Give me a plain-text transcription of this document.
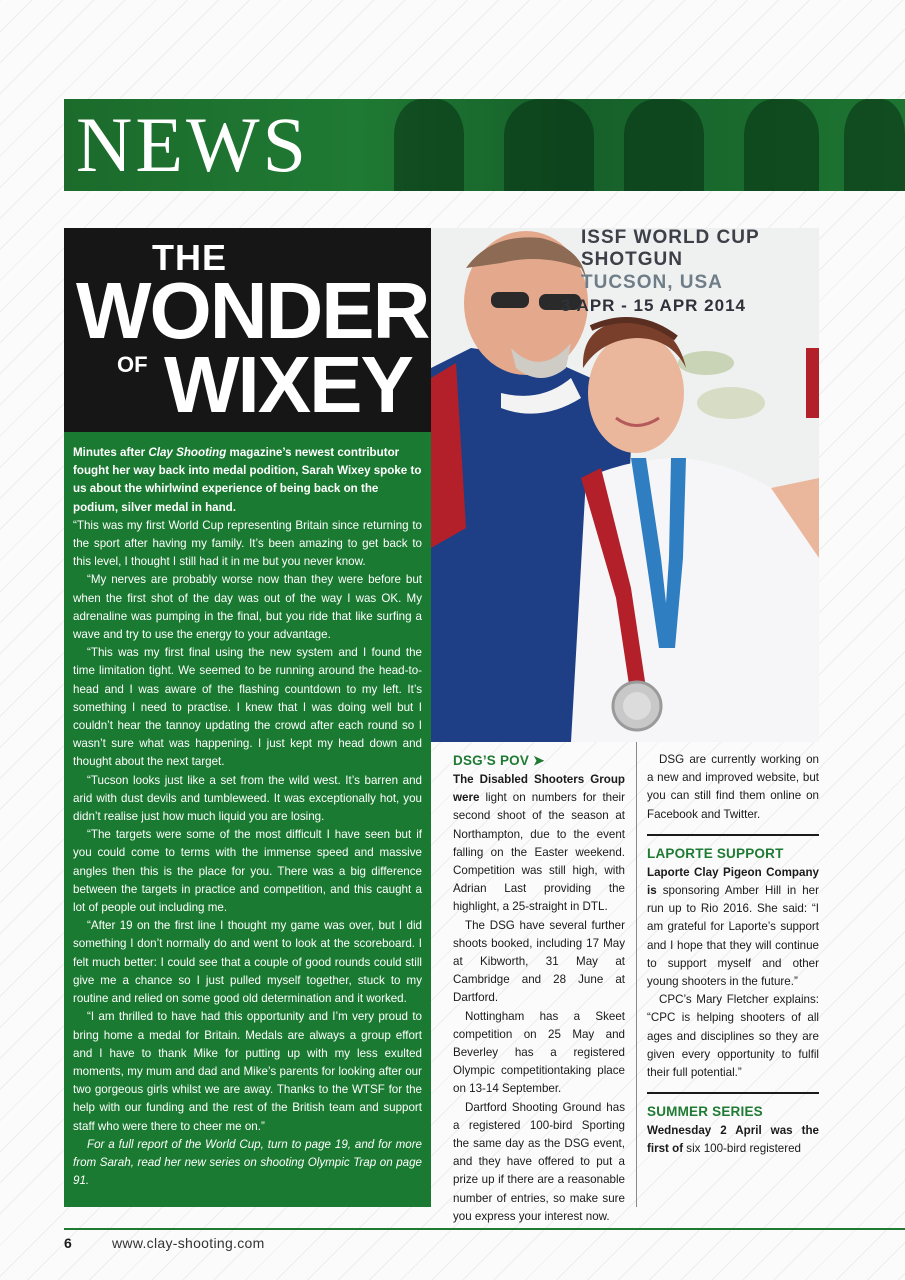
NEWS
THE
WONDER
OF WIXEY

Minutes after Clay Shooting magazine’s newest contributor fought her way back into medal podition, Sarah Wixey spoke to us about the whirlwind experience of being back on the podium, silver medal in hand.

“This was my first World Cup representing Britain since returning to the sport after having my family. It’s been amazing to get back to this level, I thought I still had it in me but you never know.

“My nerves are probably worse now than they were before but when the first shot of the day was out of the way I was OK. My adrenaline was pumping in the final, but you ride that like surfing a wave and try to use the energy to your advantage.

“This was my first final using the new system and I found the time limitation tight. We seemed to be running around the head-to-head and I was aware of the flashing countdown to my left. It’s something I need to practise. I knew that I was doing well but I couldn’t hear the tannoy updating the crowd after each round so I wasn’t sure what was happening. I just kept my head down and thought about the next target.

“Tucson looks just like a set from the wild west. It’s barren and arid with dust devils and tumbleweed. It was exceptionally hot, you didn’t realise just how much liquid you are losing.

“The targets were some of the most difficult I have seen but if you could come to terms with the immense speed and massive angles then this is the place for you. There was a big difference between the targets in practice and competition, and this caught a lot of people out including me.

“After 19 on the first line I thought my game was over, but I did something I don’t normally do and went to look at the scoreboard. I felt much better: I could see that a couple of good rounds could still give me a chance so I just pulled myself together, stuck to my routine and relied on some good old determination and it worked.

“I am thrilled to have had this opportunity and I’m very proud to bring home a medal for Britain. Medals are always a group effort and I have to thank Mike for putting up with my less exulted moments, my mum and dad and Mike’s parents for looking after our two gorgeous girls whilst we are away. Thanks to the WTSF for the help with our funding and the rest of the British team and support staff who were there to cheer me on.”

For a full report of the World Cup, turn to page 19, and for more from Sarah, read her new series on shooting Olympic Trap on page 91.

ISSF WORLD CUP
SHOTGUN
TUCSON, USA
3 APR - 15 APR 2014
DSG’S POV ➤

The Disabled Shooters Group were light on numbers for their second shoot of the season at Northampton, due to the event falling on the Easter weekend. Competition was still high, with Adrian Last providing the highlight, a 25-straight in DTL.

The DSG have several further shoots booked, including 17 May at Kibworth, 31 May at Cambridge and 28 June at Dartford.

Nottingham has a Skeet competition on 25 May and Beverley has a registered Olympic competitiontaking place on 13-14 September.

Dartford Shooting Ground has a registered 100-bird Sporting the same day as the DSG event, and they have offered to put a prize up if there are a reasonable number of entries, so make sure you express your interest now.

DSG are currently working on a new and improved website, but you can still find them online on Facebook and Twitter.

LAPORTE SUPPORT

Laporte Clay Pigeon Company is sponsoring Amber Hill in her run up to Rio 2016. She said: “I am grateful for Laporte’s support and I hope that they will continue to support myself and other young shooters in the future.”

CPC’s Mary Fletcher explains: “CPC is helping shooters of all ages and disciplines so they are given every opportunity to fulfil their full potential.”

SUMMER SERIES

Wednesday 2 April was the first of six 100-bird registered

6	www.clay-shooting.com
